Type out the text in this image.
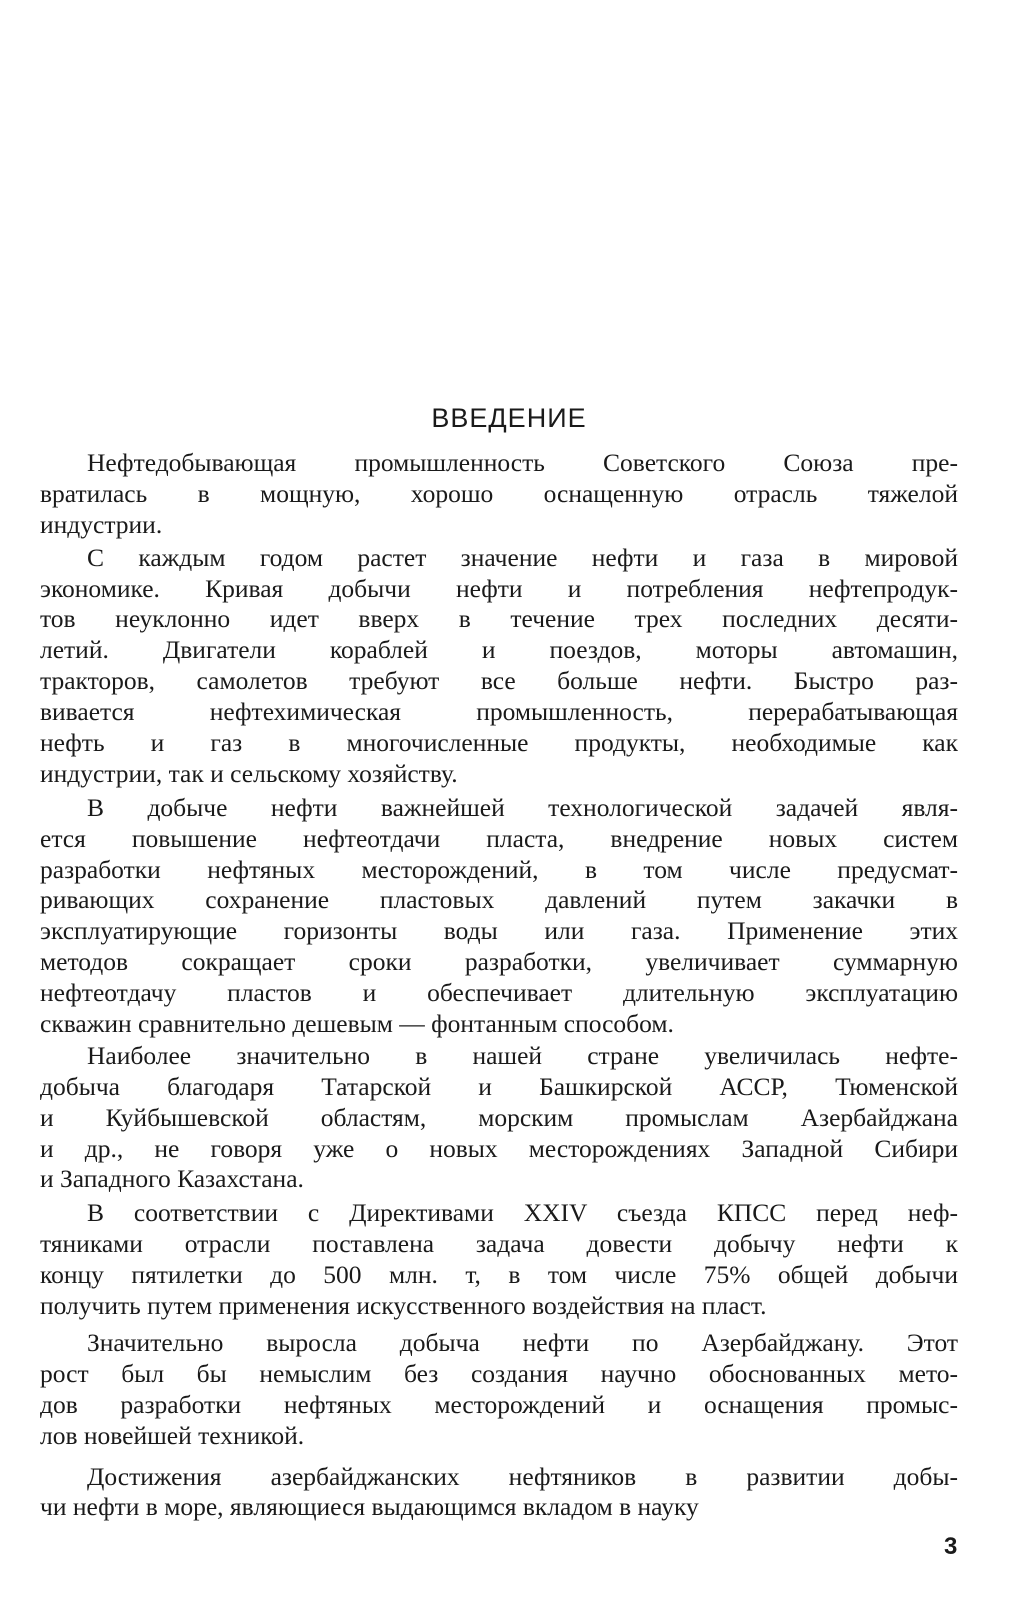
ВВЕДЕНИЕ
Нефтедобывающая промышленность Советского Союза пре-
вратилась в мощную, хорошо оснащенную отрасль тяжелой
индустрии.
С каждым годом растет значение нефти и газа в мировой
экономике. Кривая добычи нефти и потребления нефтепродук-
тов неуклонно идет вверх в течение трех последних десяти-
летий. Двигатели кораблей и поездов, моторы автомашин,
тракторов, самолетов требуют все больше нефти. Быстро раз-
вивается нефтехимическая промышленность, перерабатывающая
нефть и газ в многочисленные продукты, необходимые как
индустрии, так и сельскому хозяйству.
В добыче нефти важнейшей технологической задачей явля-
ется повышение нефтеотдачи пласта, внедрение новых систем
разработки нефтяных месторождений, в том числе предусмат-
ривающих сохранение пластовых давлений путем закачки в
эксплуатирующие горизонты воды или газа. Применение этих
методов сокращает сроки разработки, увеличивает суммарную
нефтеотдачу пластов и обеспечивает длительную эксплуатацию
скважин сравнительно дешевым — фонтанным способом.
Наиболее значительно в нашей стране увеличилась нефте-
добыча благодаря Татарской и Башкирской АССР, Тюменской
и Куйбышевской областям, морским промыслам Азербайджана
и др., не говоря уже о новых месторождениях Западной Сибири
и Западного Казахстана.
В соответствии с Директивами XXIV съезда КПСС перед неф-
тяниками отрасли поставлена задача довести добычу нефти к
концу пятилетки до 500 млн. т, в том числе 75% общей добычи
получить путем применения искусственного воздействия на пласт.
Значительно выросла добыча нефти по Азербайджану. Этот
рост был бы немыслим без создания научно обоснованных мето-
дов разработки нефтяных месторождений и оснащения промыс-
лов новейшей техникой.
Достижения азербайджанских нефтяников в развитии добы-
чи нефти в море, являющиеся выдающимся вкладом в науку
3
